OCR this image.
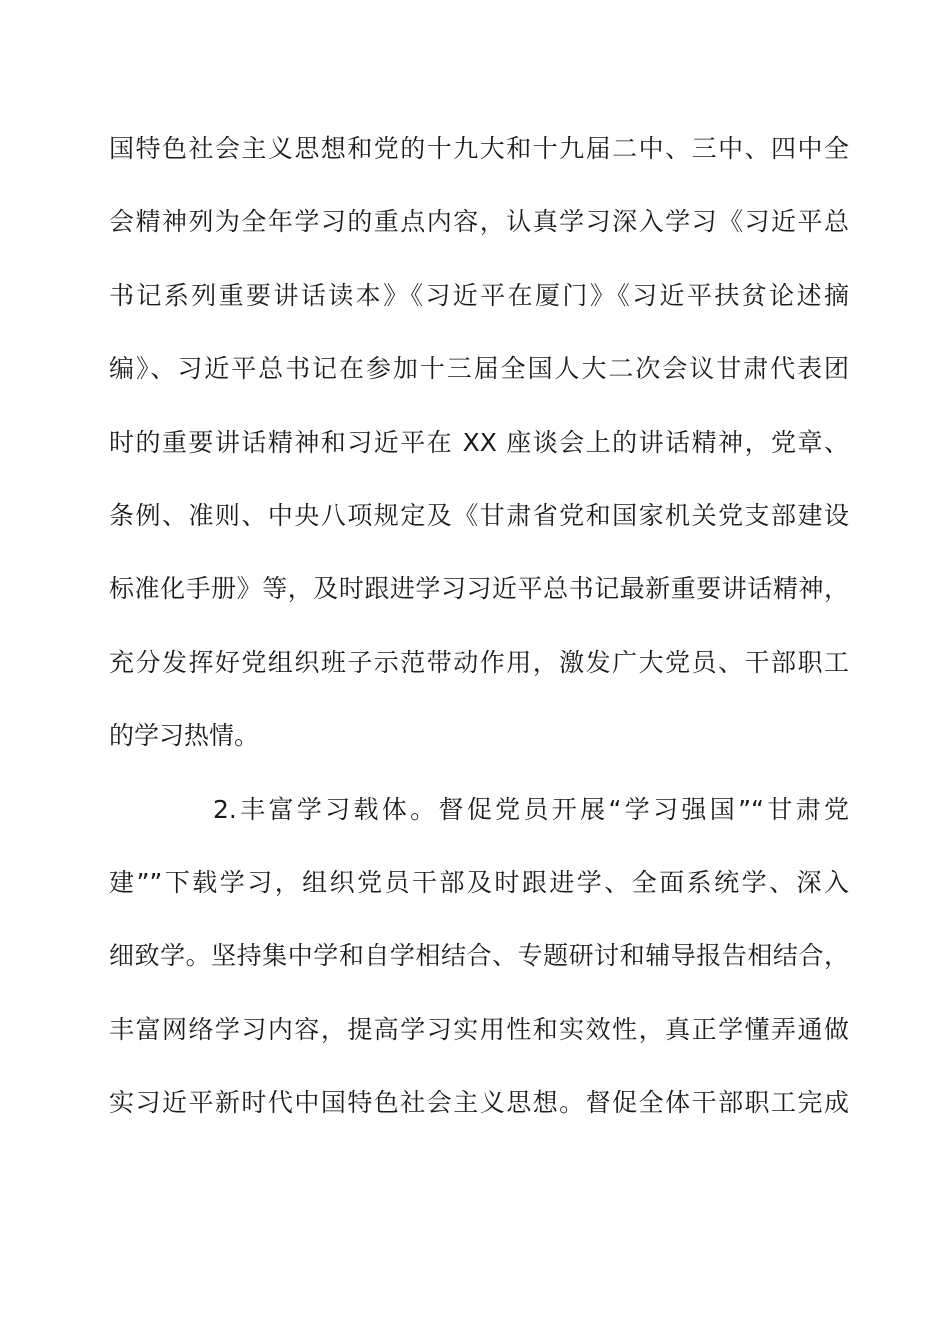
国特色社会主义思想和党的十九大和十九届二中、三中、四中全
会精神列为全年学习的重点内容，认真学习深入学习《习近平总
书记系列重要讲话读本》《习近平在厦门》《习近平扶贫论述摘
编》、习近平总书记在参加十三届全国人大二次会议甘肃代表团
时的重要讲话精神和习近平在 XX 座谈会上的讲话精神，党章、
条例、准则、中央八项规定及《甘肃省党和国家机关党支部建设
标准化手册》等，及时跟进学习习近平总书记最新重要讲话精神，
充分发挥好党组织班子示范带动作用，激发广大党员、干部职工
的学习热情。
2.丰富学习载体。督促党员开展“学习强国”“甘肃党
建””下载学习，组织党员干部及时跟进学、全面系统学、深入
细致学。坚持集中学和自学相结合、专题研讨和辅导报告相结合，
丰富网络学习内容，提高学习实用性和实效性，真正学懂弄通做
实习近平新时代中国特色社会主义思想。督促全体干部职工完成
